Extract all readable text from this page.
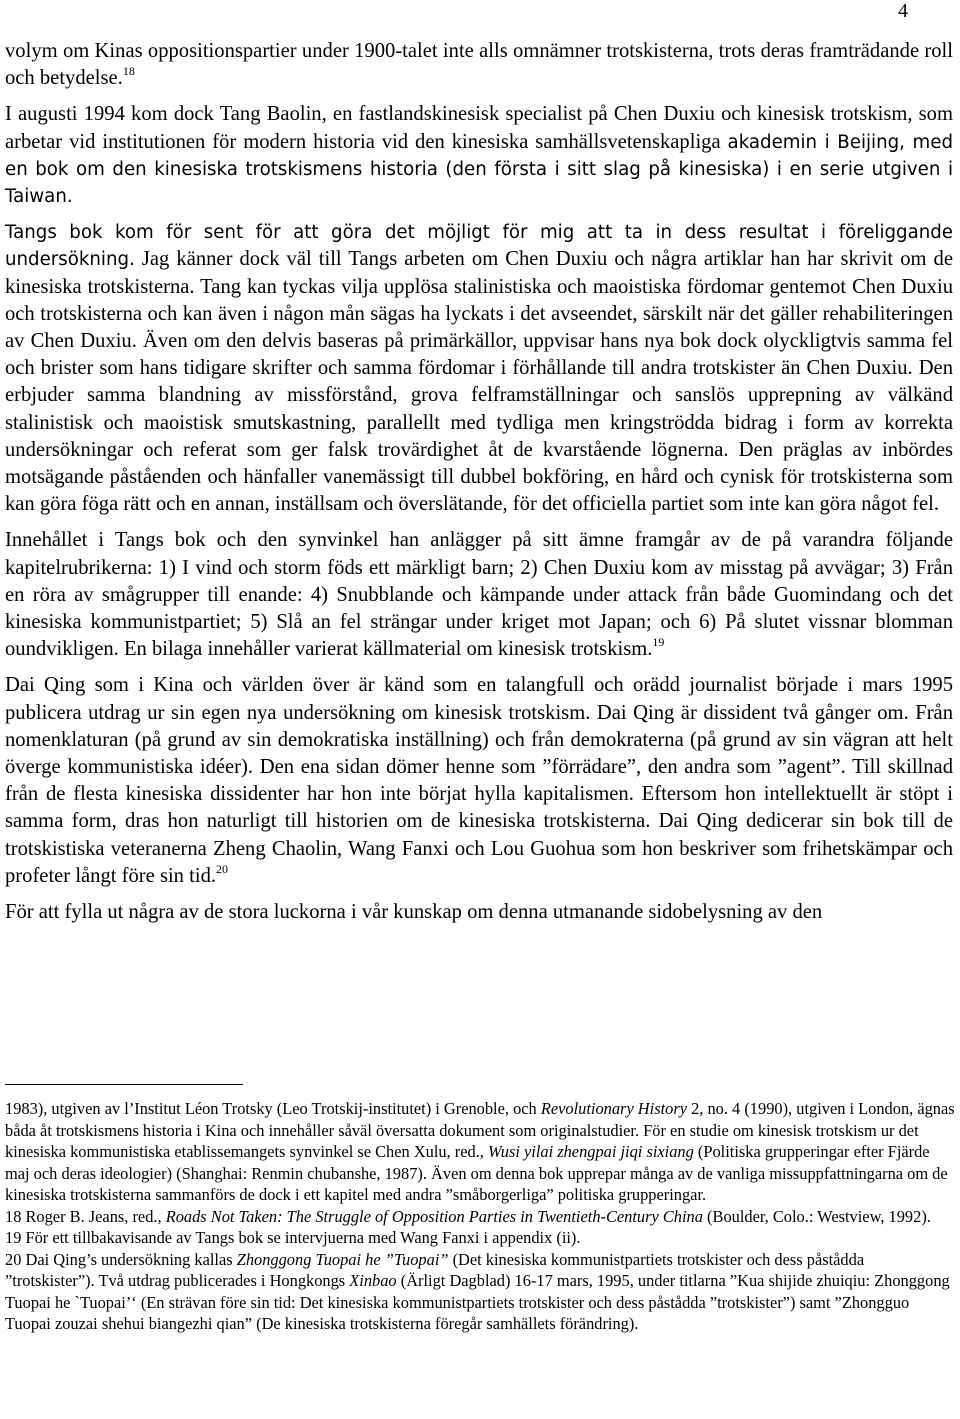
4

volym om Kinas oppositionspartier under 1900-talet inte alls omnämner trotskisterna, trots deras framträdande roll och betydelse.$^{18}$

I augusti 1994 kom dock Tang Baolin, en fastlandskinesisk specialist på Chen Duxiu och kinesisk trotskism, som arbetar vid institutionen för modern historia vid den kinesiska samhällsvetenskapliga akademin i Beijing, med en bok om den kinesiska trotskismens historia (den första i sitt slag på kinesiska) i en serie utgiven i Taiwan.

Tangs bok kom för sent för att göra det möjligt för mig att ta in dess resultat i föreliggande undersökning. Jag känner dock väl till Tangs arbeten om Chen Duxiu och några artiklar han har skrivit om de kinesiska trotskisterna. Tang kan tyckas vilja upplösa stalinistiska och maoistiska fördomar gentemot Chen Duxiu och trotskisterna och kan även i någon mån sägas ha lyckats i det avseendet, särskilt när det gäller rehabiliteringen av Chen Duxiu. Även om den delvis baseras på primärkällor, uppvisar hans nya bok dock olyckligtvis samma fel och brister som hans tidigare skrifter och samma fördomar i förhållande till andra trotskister än Chen Duxiu. Den erbjuder samma blandning av missförstånd, grova felframställningar och sanslös upprepning av välkänd stalinistisk och maoistisk smutskastning, parallellt med tydliga men kringströdda bidrag i form av korrekta undersökningar och referat som ger falsk trovärdighet åt de kvarstående lögnerna. Den präglas av inbördes motsägande påståenden och hänfaller vanemässigt till dubbel bokföring, en hård och cynisk för trotskisterna som kan göra föga rätt och en annan, inställsam och överslätande, för det officiella partiet som inte kan göra något fel.

Innehållet i Tangs bok och den synvinkel han anlägger på sitt ämne framgår av de på varandra följande kapitelrubrikerna: 1) I vind och storm föds ett märkligt barn; 2) Chen Duxiu kom av misstag på avvägar; 3) Från en röra av smågrupper till enande: 4) Snubblande och kämpande under attack från både Guomindang och det kinesiska kommunistpartiet; 5) Slå an fel strängar under kriget mot Japan; och 6) På slutet vissnar blomman oundvikligen. En bilaga innehåller varierat källmaterial om kinesisk trotskism.$^{19}$

Dai Qing som i Kina och världen över är känd som en talangfull och orädd journalist började i mars 1995 publicera utdrag ur sin egen nya undersökning om kinesisk trotskism. Dai Qing är dissident två gånger om. Från nomenklaturan (på grund av sin demokratiska inställning) och från demokraterna (på grund av sin vägran att helt överge kommunistiska idéer). Den ena sidan dömer henne som ”förrädare”, den andra som ”agent”. Till skillnad från de flesta kinesiska dissidenter har hon inte börjat hylla kapitalismen. Eftersom hon intellektuellt är stöpt i samma form, dras hon naturligt till historien om de kinesiska trotskisterna. Dai Qing dedicerar sin bok till de trotskistiska veteranerna Zheng Chaolin, Wang Fanxi och Lou Guohua som hon beskriver som frihetskämpar och profeter långt före sin tid.$^{20}$

För att fylla ut några av de stora luckorna i vår kunskap om denna utmanande sidobelysning av den

1983), utgiven av l’Institut Léon Trotsky (Leo Trotskij-institutet) i Grenoble, och Revolutionary History 2, no. 4 (1990), utgiven i London, ägnas båda åt trotskismens historia i Kina och innehåller såväl översatta dokument som originalstudier. För en studie om kinesisk trotskism ur det kinesiska kommunistiska etablissemangets synvinkel se Chen Xulu, red., Wusi yilai zhengpai jiqi sixiang (Politiska grupperingar efter Fjärde maj och deras ideologier) (Shanghai: Renmin chubanshe, 1987). Även om denna bok upprepar många av de vanliga missuppfattningarna om de kinesiska trotskisterna sammanförs de dock i ett kapitel med andra ”småborgerliga” politiska grupperingar.
18 Roger B. Jeans, red., Roads Not Taken: The Struggle of Opposition Parties in Twentieth-Century China (Boulder, Colo.: Westview, 1992).
19 För ett tillbakavisande av Tangs bok se intervjuerna med Wang Fanxi i appendix (ii).
20 Dai Qing’s undersökning kallas Zhonggong Tuopai he ”Tuopai” (Det kinesiska kommunistpartiets trotskister och dess påstådda ”trotskister”). Två utdrag publicerades i Hongkongs Xinbao (Ärligt Dagblad) 16-17 mars, 1995, under titlarna ”Kua shijide zhuiqiu: Zhonggong Tuopai he `Tuopai’‘ (En strävan före sin tid: Det kinesiska kommunistpartiets trotskister och dess påstådda ”trotskister”) samt ”Zhongguo Tuopai zouzai shehui biangezhi qian” (De kinesiska trotskisterna föregår samhällets förändring).
